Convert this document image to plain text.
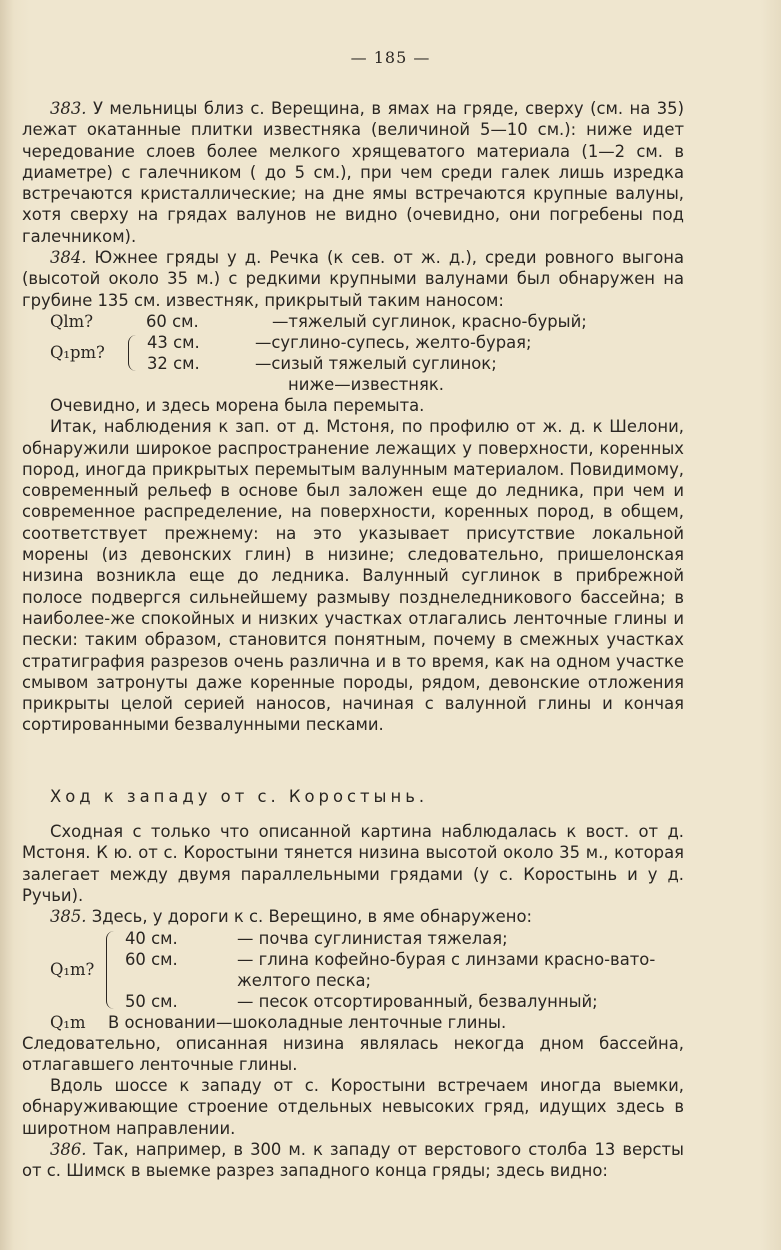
— 185 —

383. У мельницы близ с. Верещина, в ямах на гряде, сверху (см. на 35) лежат окатанные плитки известняка (величиной 5—10 см.): ниже идет чередование слоев более мелкого хрящеватого материала (1—2 см. в диаметре) с галечником ( до 5 см.), при чем среди галек лишь изредка встречаются кристаллические; на дне ямы встречаются крупные валуны, хотя сверху на грядах валунов не видно (очевидно, они погребены под галечником).

384. Южнее гряды у д. Речка (к сев. от ж. д.), среди ровного выгона (высотой около 35 м.) с редкими крупными валунами был обнаружен на грубине 135 см. известняк, прикрытый таким наносом:

Qlm?	60 см.	—тяжелый суглинок, красно-бурый;
Q₁pm?
43 см.	—суглино-супесь, желто-бурая;
32 см.	—сизый тяжелый суглинок;
ниже—известняк.

Очевидно, и здесь морена была перемыта.

Итак, наблюдения к зап. от д. Мстоня, по профилю от ж. д. к Шелони, обнаружили широкое распространение лежащих у поверхности, коренных пород, иногда прикрытых перемытым валунным материалом. Повидимому, современный рельеф в основе был заложен еще до ледника, при чем и современное распределение, на поверхности, коренных пород, в общем, соответствует прежнему: на это указывает присутствие локальной морены (из девонских глин) в низине; следовательно, пришелонская низина возникла еще до ледника. Валунный суглинок в прибрежной полосе подвергся сильнейшему размыву позднеледникового бассейна; в наиболее-же спокойных и низких участках отлагались ленточные глины и пески: таким образом, становится понятным, почему в смежных участках стратиграфия разрезов очень различна и в то время, как на одном участке смывом затронуты даже коренные породы, рядом, девонские отложения прикрыты целой серией наносов, начиная с валунной глины и кончая сортированными безвалунными песками.

Ход к западу от с. Коростынь.

Сходная с только что описанной картина наблюдалась к вост. от д. Мстоня. К ю. от с. Коростыни тянется низина высотой около 35 м., которая залегает между двумя параллельными грядами (у с. Коростынь и у д. Ручьи).

385. Здесь, у дороги к с. Верещино, в яме обнаружено:

Q₁m?
40 см.	— почва суглинистая тяжелая;
60 см.	— глина кофейно-бурая с линзами красно-вато-желтого песка;
50 см.	— песок отсортированный, безвалунный;
Q₁m	В основании—шоколадные ленточные глины.

Следовательно, описанная низина являлась некогда дном бассейна, отлагавшего ленточные глины.

Вдоль шоссе к западу от с. Коростыни встречаем иногда выемки, обнаруживающие строение отдельных невысоких гряд, идущих здесь в широтном направлении.

386. Так, например, в 300 м. к западу от верстового столба 13 версты от с. Шимск в выемке разрез западного конца гряды; здесь видно:
